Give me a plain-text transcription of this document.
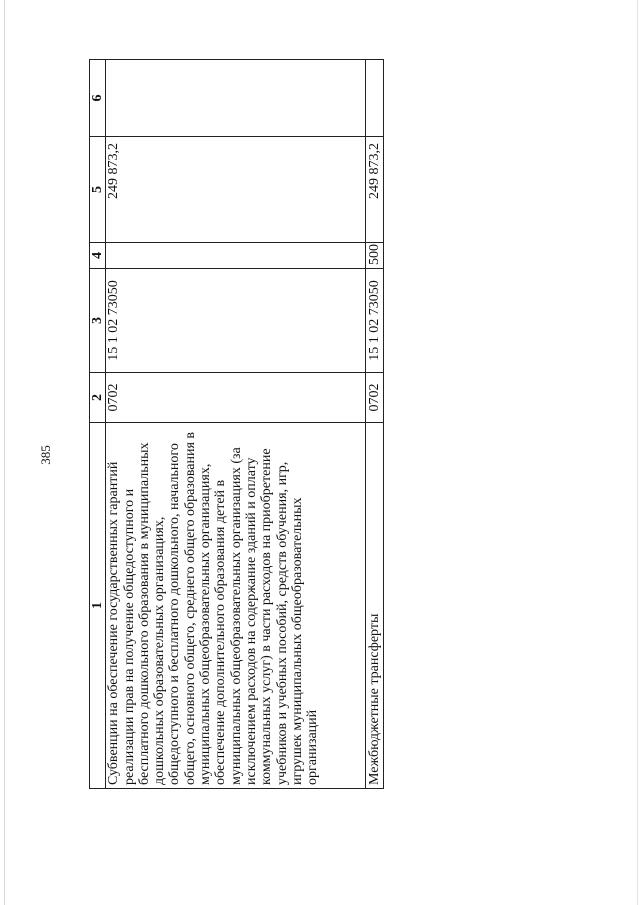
385
1	2	3	4	5	6
Субвенции на обеспечение государственных гарантий реализации прав на получение общедоступного и бесплатного дошкольного образования в муниципальных дошкольных образовательных организациях, общедоступного и бесплатного дошкольного, начального общего, основного общего, среднего общего образования в муниципальных общеобразовательных организациях, обеспечение дополнительного образования детей в муниципальных общеобразовательных организациях (за исключением расходов на содержание зданий и оплату коммунальных услуг) в части расходов на приобретение учебников и учебных пособий, средств обучения, игр, игрушек муниципальных общеобразовательных организаций	0702	15 1 02 73050		249 873,2	
Межбюджетные трансферты	0702	15 1 02 73050	500	249 873,2	
